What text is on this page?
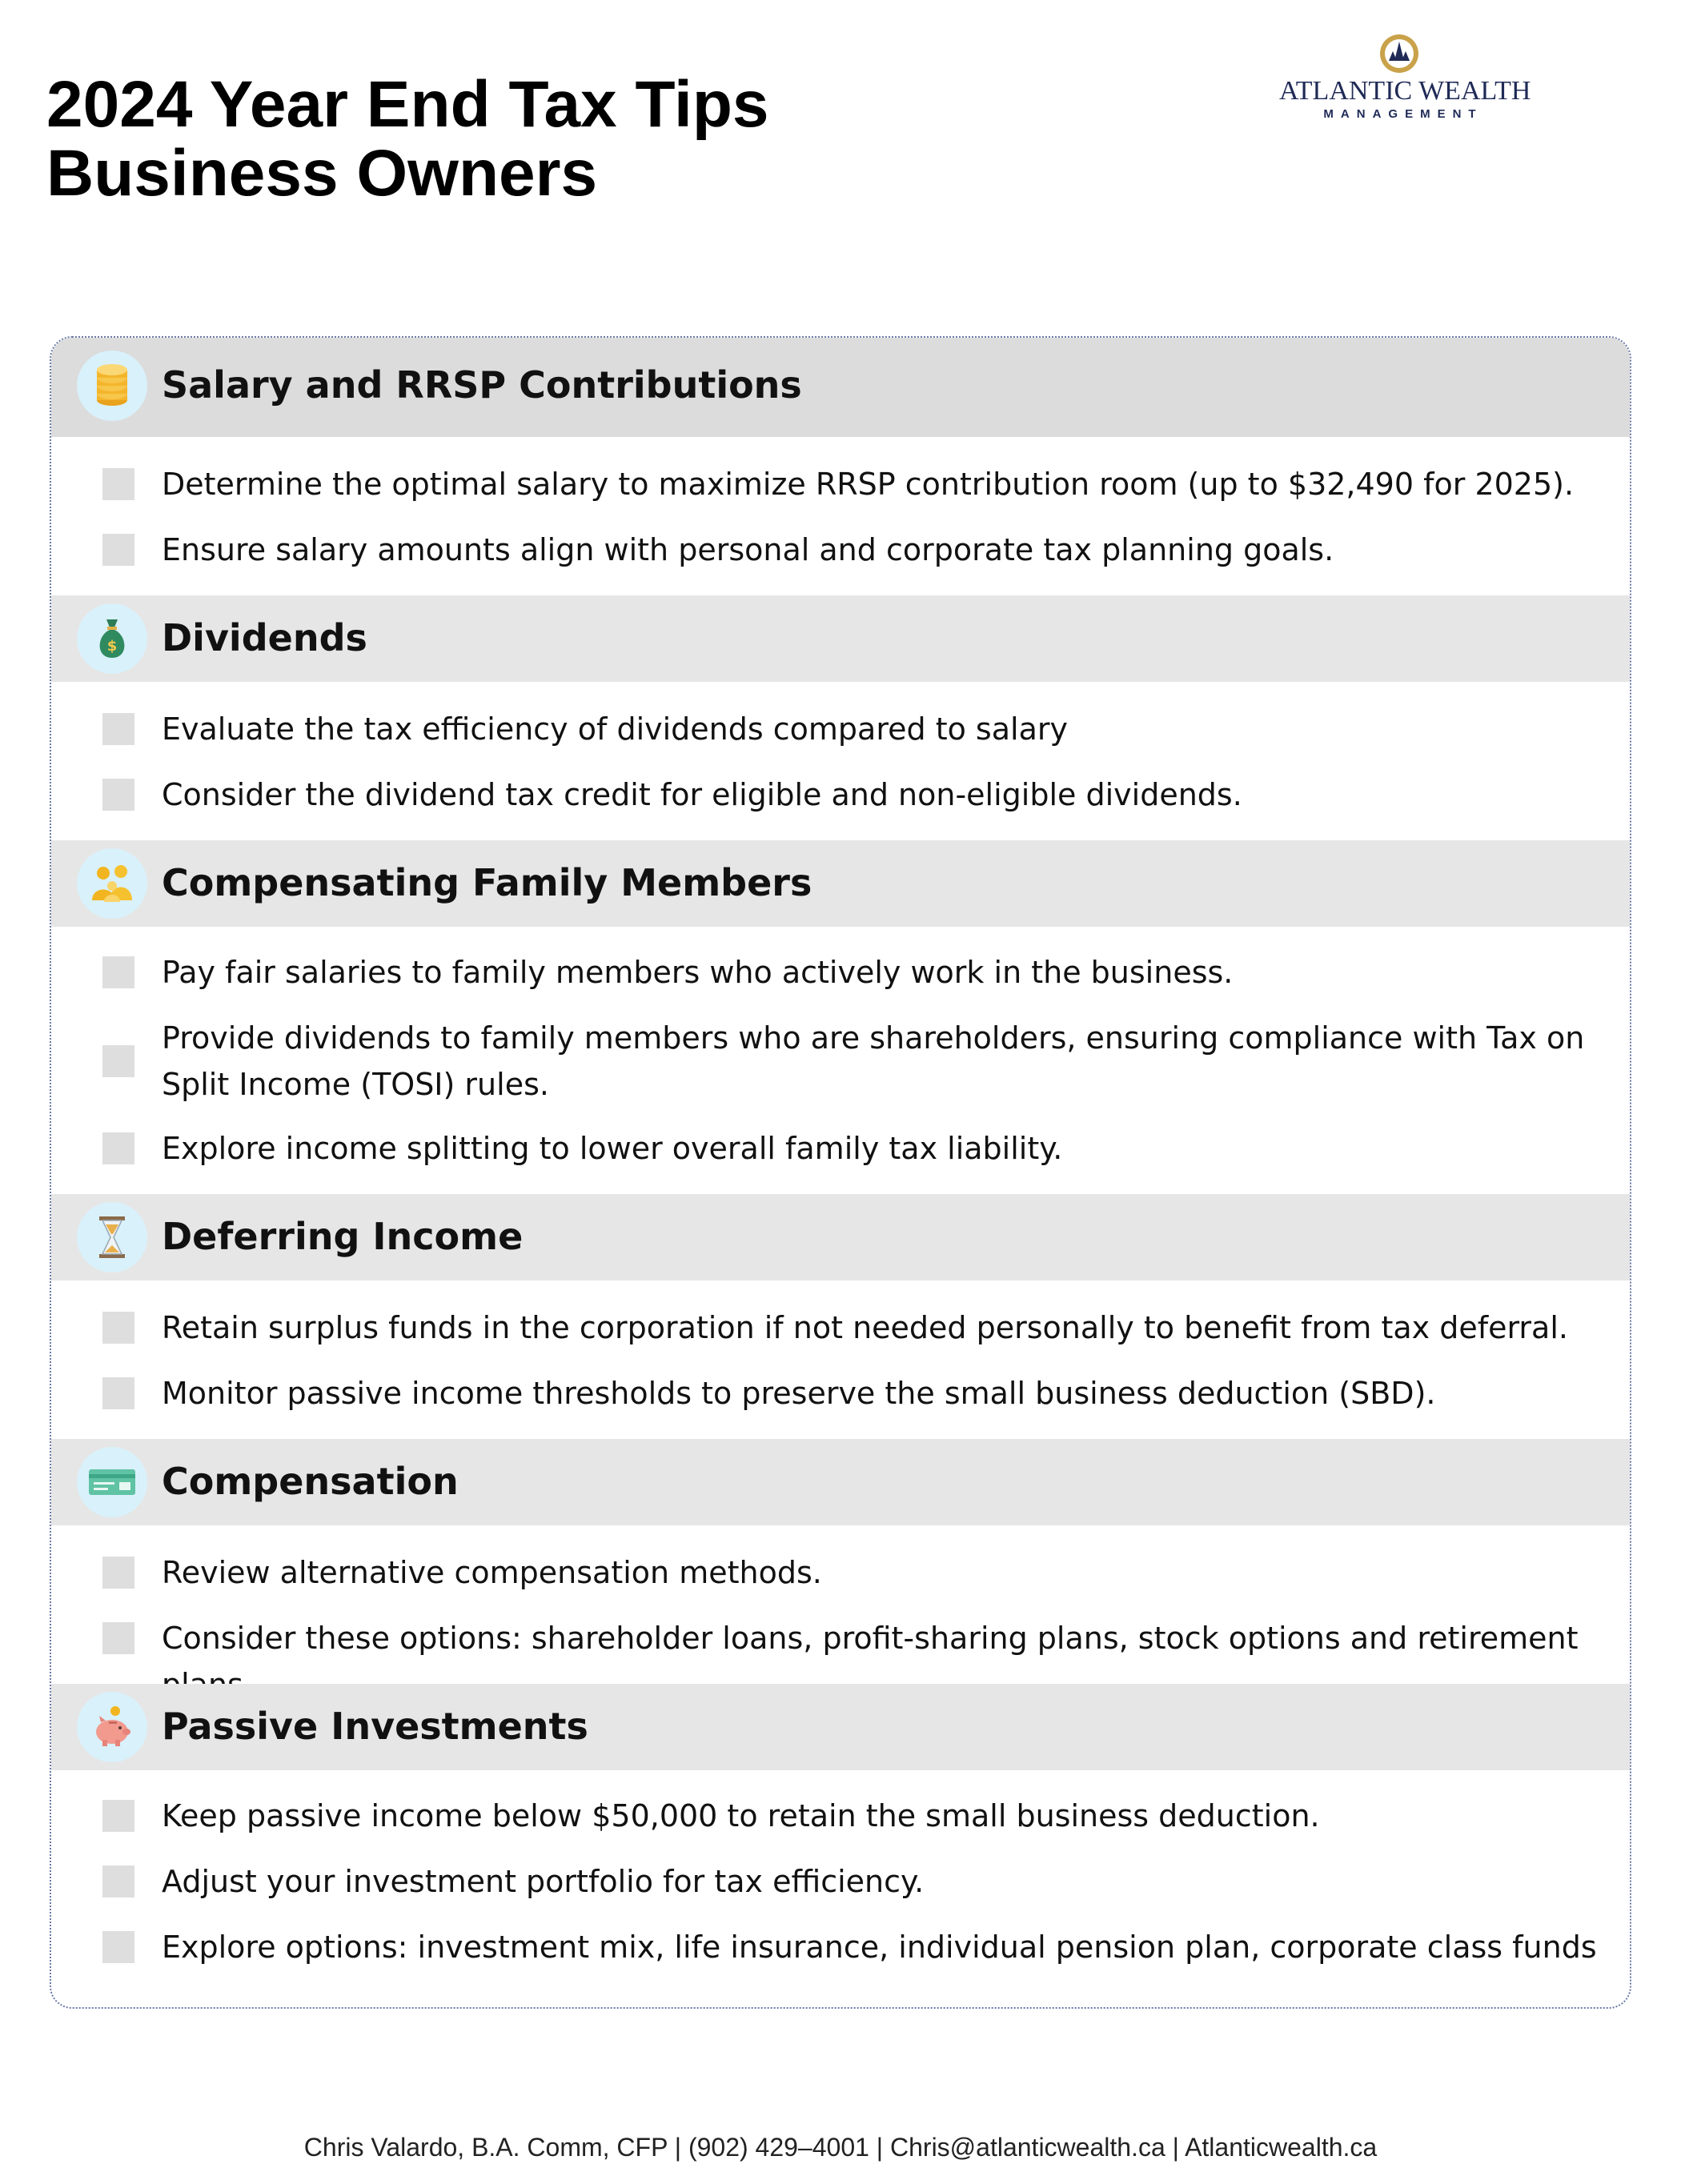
2024 Year End Tax Tips
Business Owners
ATLANTIC WEALTH
MANAGEMENT
Salary and RRSP Contributions
Determine the optimal salary to maximize RRSP contribution room (up to $32,490 for 2025).
Ensure salary amounts align with personal and corporate tax planning goals.
$ Dividends
Evaluate the tax efficiency of dividends compared to salary
Consider the dividend tax credit for eligible and non-eligible dividends.
Compensating Family Members
Pay fair salaries to family members who actively work in the business.
Provide dividends to family members who are shareholders, ensuring compliance with Tax on Split Income (TOSI) rules.
Explore income splitting to lower overall family tax liability.
Deferring Income
Retain surplus funds in the corporation if not needed personally to benefit from tax deferral.
Monitor passive income thresholds to preserve the small business deduction (SBD).
Compensation
Review alternative compensation methods.
Consider these options: shareholder loans, profit-sharing plans, stock options and retirement
Passive Investments
Keep passive income below $50,000 to retain the small business deduction.
Adjust your investment portfolio for tax efficiency.
Explore options: investment mix, life insurance, individual pension plan, corporate class funds
Chris Valardo, B.A. Comm, CFP | (902) 429–4001 | Chris@atlanticwealth.ca | Atlanticwealth.ca
